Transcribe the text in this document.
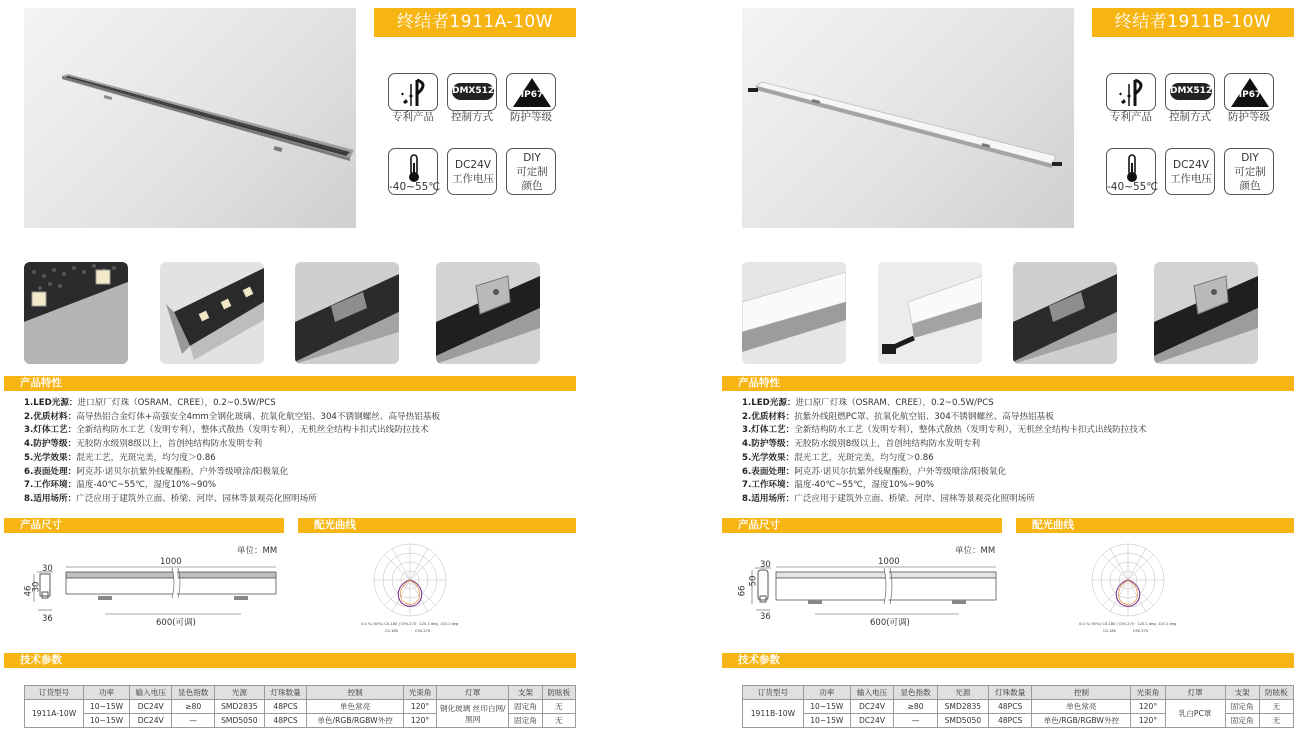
终结者1911A-10W
专利产品
DMX512
控制方式
IP67
防护等级
-40~55℃
DC24V
工作电压
DIY
可定制
颜色
产品特性
1.LED光源：进口原厂灯珠（OSRAM、CREE），0.2~0.5W/PCS
2.优质材料：高导热铝合金灯体+高强安全4mm全钢化玻璃、抗氧化航空铝、304不锈钢螺丝、高导热铝基板
3.灯体工艺：全新结构防水工艺（发明专利），整体式散热（发明专利），无机丝全结构卡扣式出线防拉技术
4.防护等级：无胶防水级别8级以上，首创纯结构防水发明专利
5.光学效果：混光工艺，光斑完美，均匀度＞0.86
6.表面处理：阿克苏·诺贝尔抗紫外线聚酯粉，户外等级喷涂/阳极氧化
7.工作环境：温度-40℃~55℃，湿度10%~90%
8.适用场所：广泛应用于建筑外立面、桥梁、河岸、园林等景观亮化照明场所
产品尺寸	配光曲线
单位：MM
30
46
30
36
1000
600(可调)	0.0 % (50%) C0-180 | C90-270 · 120.1 deg, 120.1 deg
C0-180	C90-270
技术参数
订货型号	功率	输入电压	显色指数	光源	灯珠数量	控制	光束角	灯罩	支架	防眩板
1911A-10W	10~15W	DC24V	≥80	SMD2835	48PCS	单色常亮	120°	钢化玻璃 丝印白网/黑网	固定角	无
	10~15W	DC24V	—	SMD5050	48PCS	单色/RGB/RGBW外控	120°		固定角	无
终结者1911B-10W
专利产品
DMX512
控制方式
IP67
防护等级
-40~55℃
DC24V
工作电压
DIY
可定制
颜色
产品特性
1.LED光源：进口原厂灯珠（OSRAM、CREE），0.2~0.5W/PCS
2.优质材料：抗紫外线阻燃PC罩、抗氧化航空铝、304不锈钢螺丝、高导热铝基板
3.灯体工艺：全新结构防水工艺（发明专利），整体式散热（发明专利），无机丝全结构卡扣式出线防拉技术
4.防护等级：无胶防水级别8级以上，首创纯结构防水发明专利
5.光学效果：混光工艺，光斑完美，均匀度＞0.86
6.表面处理：阿克苏·诺贝尔抗紫外线聚酯粉，户外等级喷涂/阳极氧化
7.工作环境：温度-40℃~55℃，湿度10%~90%
8.适用场所：广泛应用于建筑外立面、桥梁、河岸、园林等景观亮化照明场所
产品尺寸	配光曲线
单位：MM
30
66
50
36
1000
600(可调)	0.0 % (50%) C0-180 | C90-270 · 120.1 deg, 120.1 deg
C0-180	C90-270
技术参数
订货型号	功率	输入电压	显色指数	光源	灯珠数量	控制	光束角	灯罩	支架	防眩板
1911B-10W	10~15W	DC24V	≥80	SMD2835	48PCS	单色常亮	120°	乳白PC罩	固定角	无
	10~15W	DC24V	—	SMD5050	48PCS	单色/RGB/RGBW外控	120°		固定角	无
